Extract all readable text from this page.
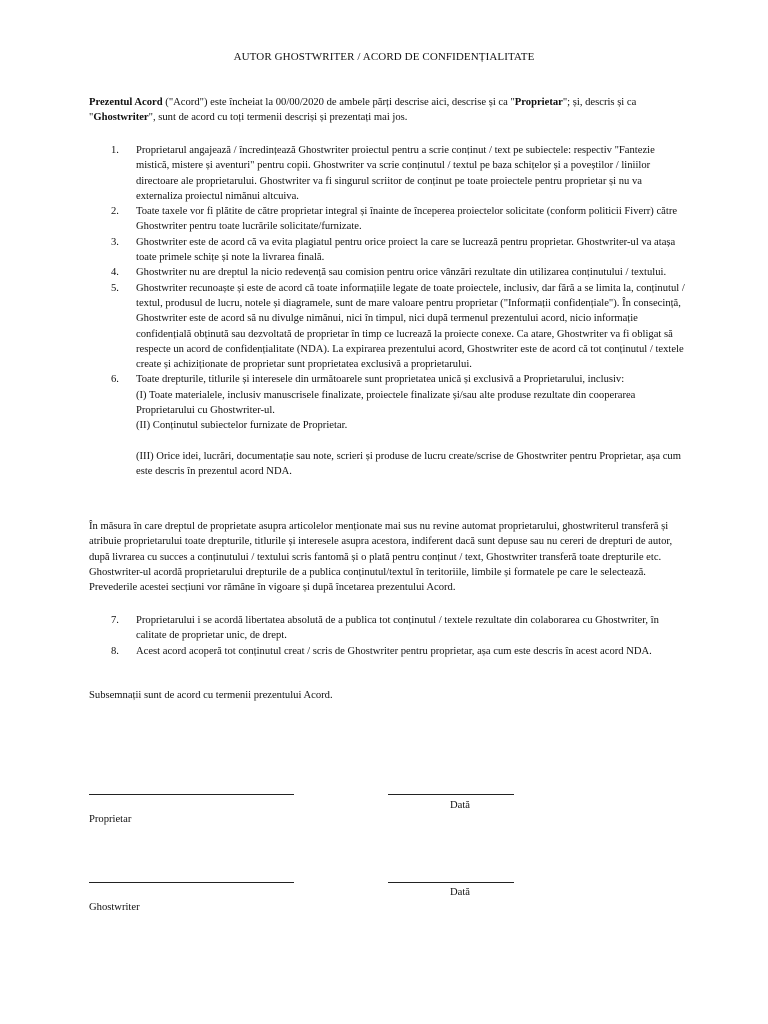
AUTOR GHOSTWRITER / ACORD DE CONFIDENȚIALITATE
Prezentul Acord ("Acord") este încheiat la 00/00/2020 de ambele părți descrise aici, descrise și ca "Proprietar"; și, descris și ca "Ghostwriter", sunt de acord cu toți termenii descriși și prezentați mai jos.
1. Proprietarul angajează / încredințează Ghostwriter proiectul pentru a scrie conținut / text pe subiectele: respectiv "Fantezie mistică, mistere și aventuri" pentru copii. Ghostwriter va scrie conținutul / textul pe baza schițelor și a poveștilor / liniilor directoare ale proprietarului. Ghostwriter va fi singurul scriitor de conținut pe toate proiectele pentru proprietar și nu va externaliza proiectul nimănui altcuiva.
2. Toate taxele vor fi plătite de către proprietar integral și înainte de începerea proiectelor solicitate (conform politicii Fiverr) către Ghostwriter pentru toate lucrările solicitate/furnizate.
3. Ghostwriter este de acord că va evita plagiatul pentru orice proiect la care se lucrează pentru proprietar. Ghostwriter-ul va atașa toate primele schițe și note la livrarea finală.
4. Ghostwriter nu are dreptul la nicio redevență sau comision pentru orice vânzări rezultate din utilizarea conținutului / textului.
5. Ghostwriter recunoaște și este de acord că toate informațiile legate de toate proiectele, inclusiv, dar fără a se limita la, conținutul / textul, produsul de lucru, notele și diagramele, sunt de mare valoare pentru proprietar ("Informații confidențiale"). În consecință, Ghostwriter este de acord să nu divulge nimănui, nici în timpul, nici după termenul prezentului acord, nicio informație confidențială obținută sau dezvoltată de proprietar în timp ce lucrează la proiecte conexe. Ca atare, Ghostwriter va fi obligat să respecte un acord de confidențialitate (NDA). La expirarea prezentului acord, Ghostwriter este de acord că tot conținutul / textele create și achiziționate de proprietar sunt proprietatea exclusivă a proprietarului.
6. Toate drepturile, titlurile și interesele din următoarele sunt proprietatea unică și exclusivă a Proprietarului, inclusiv:
(I) Toate materialele, inclusiv manuscrisele finalizate, proiectele finalizate și/sau alte produse rezultate din cooperarea Proprietarului cu Ghostwriter-ul.
(II) Conținutul subiectelor furnizate de Proprietar.
(III) Orice idei, lucrări, documentație sau note, scrieri și produse de lucru create/scrise de Ghostwriter pentru Proprietar, așa cum este descris în prezentul acord NDA.
În măsura în care dreptul de proprietate asupra articolelor menționate mai sus nu revine automat proprietarului, ghostwriterul transferă și atribuie proprietarului toate drepturile, titlurile și interesele asupra acestora, indiferent dacă sunt depuse sau nu cereri de drepturi de autor, după livrarea cu succes a conținutului / textului scris fantomă și o plată pentru conținut / text, Ghostwriter transferă toate drepturile etc. Ghostwriter-ul acordă proprietarului drepturile de a publica conținutul/textul în teritoriile, limbile și formatele pe care le selectează. Prevederile acestei secțiuni vor rămâne în vigoare și după încetarea prezentului Acord.
7. Proprietarului i se acordă libertatea absolută de a publica tot conținutul / textele rezultate din colaborarea cu Ghostwriter, în calitate de proprietar unic, de drept.
8. Acest acord acoperă tot conținutul creat / scris de Ghostwriter pentru proprietar, așa cum este descris în acest acord NDA.
Subsemnații sunt de acord cu termenii prezentului Acord.
Dată
Proprietar
Dată
Ghostwriter
